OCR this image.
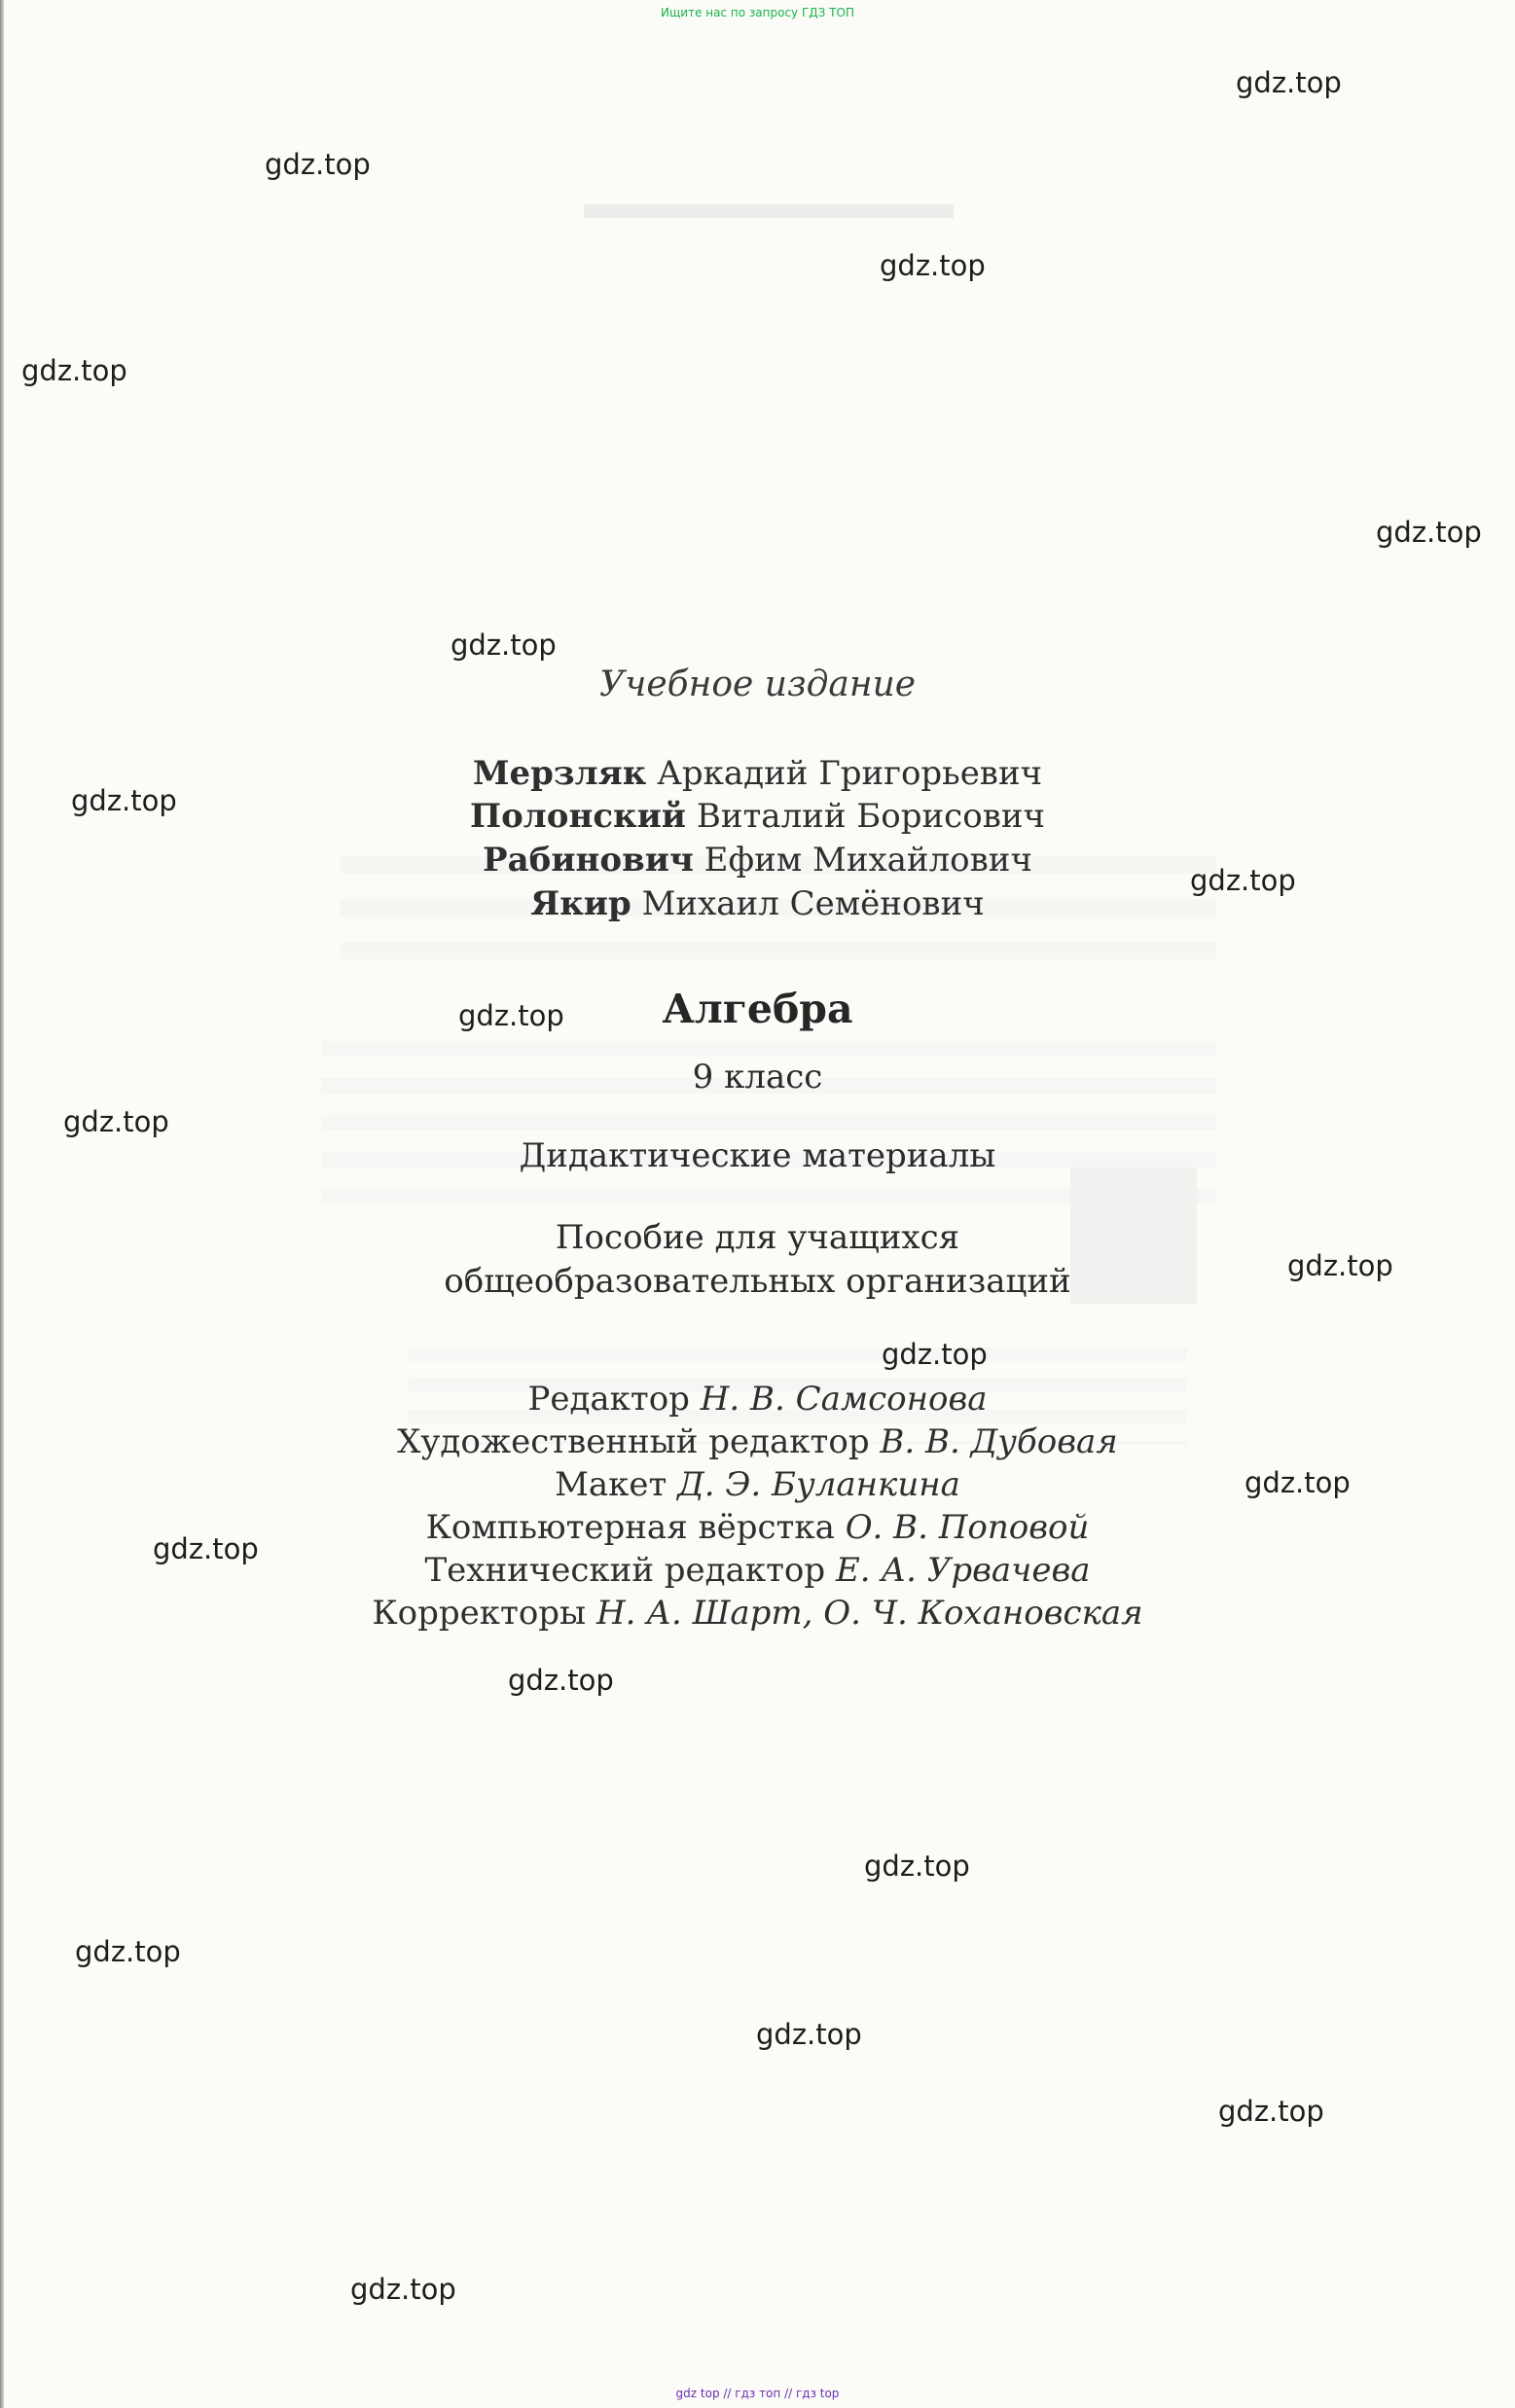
Ищите нас по запросу ГДЗ ТОП
gdz.top
gdz.top
gdz.top
gdz.top
gdz.top
gdz.top
gdz.top
gdz.top
gdz.top
gdz.top
gdz.top
gdz.top
gdz.top
gdz.top
gdz.top
gdz.top
gdz.top
gdz.top
gdz.top
gdz.top
Учебное издание
Мерзляк Аркадий Григорьевич
Полонский Виталий Борисович
Рабинович Ефим Михайлович
Якир Михаил Семёнович
Алгебра
9 класс
Дидактические материалы
Пособие для учащихся
общеобразовательных организаций
Редактор Н. В. Самсонова
Художественный редактор В. В. Дубовая
Макет Д. Э. Буланкина
Компьютерная вёрстка О. В. Поповой
Технический редактор Е. А. Урвачева
Корректоры Н. А. Шарт, О. Ч. Кохановская
gdz top // гдз топ // гдз top
